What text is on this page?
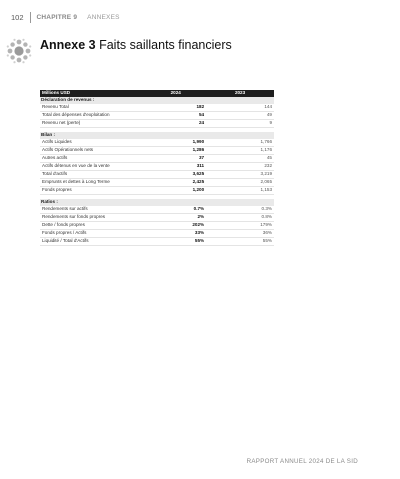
102	CHAPITRE 9 ANNEXES
Annexe 3 Faits saillants financiers
Millions USD	2024	2023
Déclaration de revenus :		
Revenu Total	182	144
Total des dépenses d'exploitation	54	49
Revenu net (perte)	24	9

Bilan :		
Actifs Liquides	1,990	1,766
Actifs Opérationnels nets	1,286	1,176
Autres actifs	37	45
Actifs détenus en vue de la vente	311	232
Total d'actifs	3,625	3,219
Emprunts et dettes à Long Terme	2,425	2,065
Fonds propres	1,200	1,153

Ratios :		
Rendements sur actifs	0.7%	0.3%
Rendements sur fonds propres	2%	0.8%
Dette / fonds propres	202%	179%
Fonds propres / Actifs	33%	36%
Liquidité / Total d'Actifs	55%	55%
RAPPORT ANNUEL 2024 DE LA SID
